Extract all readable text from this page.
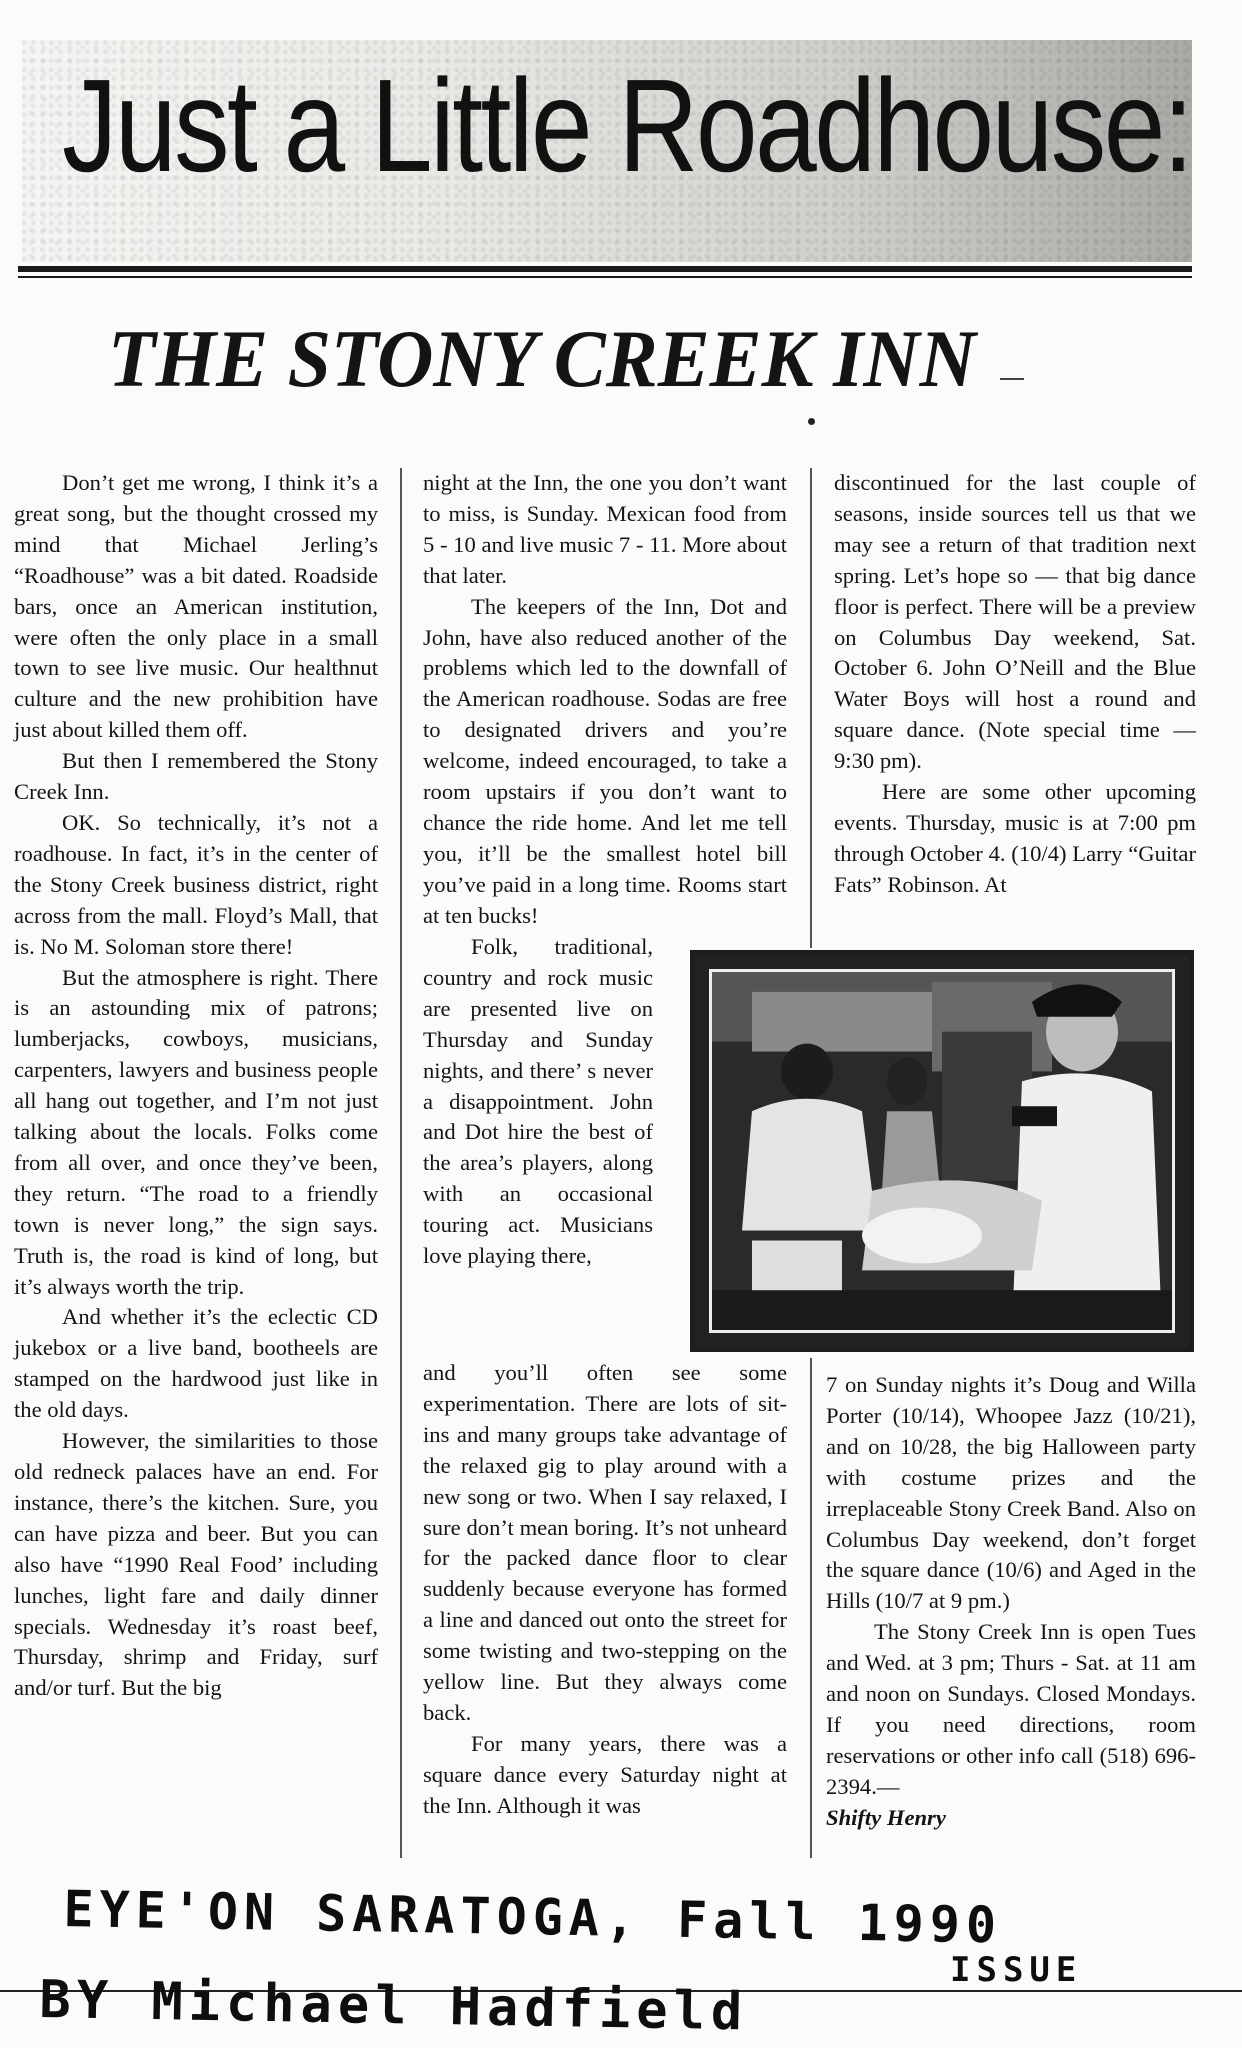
Just a Little Roadhouse:
THE STONY CREEK INN

Don’t get me wrong, I think it’s a great song, but the thought crossed my mind that Michael Jerling’s “Roadhouse” was a bit dated. Roadside bars, once an American institution, were often the only place in a small town to see live music. Our healthnut culture and the new prohibition have just about killed them off.

But then I remembered the Stony Creek Inn.

OK. So technically, it’s not a roadhouse. In fact, it’s in the center of the Stony Creek business district, right across from the mall. Floyd’s Mall, that is. No M. Soloman store there!

But the atmosphere is right. There is an astounding mix of patrons; lumberjacks, cowboys, musicians, carpenters, lawyers and business people all hang out together, and I’m not just talking about the locals. Folks come from all over, and once they’ve been, they return. “The road to a friendly town is never long,” the sign says. Truth is, the road is kind of long, but it’s always worth the trip.

And whether it’s the eclectic CD jukebox or a live band, bootheels are stamped on the hardwood just like in the old days.

However, the similarities to those old redneck palaces have an end. For instance, there’s the kitchen. Sure, you can have pizza and beer. But you can also have “1990 Real Food’ including lunches, light fare and daily dinner specials. Wednesday it’s roast beef, Thursday, shrimp and Friday, surf and/or turf. But the big

night at the Inn, the one you don’t want to miss, is Sunday. Mexican food from 5 - 10 and live music 7 - 11. More about that later.

The keepers of the Inn, Dot and John, have also reduced another of the problems which led to the downfall of the American roadhouse. Sodas are free to designated drivers and you’re welcome, indeed encouraged, to take a room upstairs if you don’t want to chance the ride home. And let me tell you, it’ll be the smallest hotel bill you’ve paid in a long time. Rooms start at ten bucks!

Folk, traditional, country and rock music are presented live on Thursday and Sunday nights, and there’ s never a disappointment. John and Dot hire the best of the area’s players, along with an occasional touring act. Musicians love playing there,

and you’ll often see some experimentation. There are lots of sit-ins and many groups take advantage of the relaxed gig to play around with a new song or two. When I say relaxed, I sure don’t mean boring. It’s not unheard for the packed dance floor to clear suddenly because everyone has formed a line and danced out onto the street for some twisting and two-stepping on the yellow line. But they always come back.

For many years, there was a square dance every Saturday night at the Inn. Although it was

discontinued for the last couple of seasons, inside sources tell us that we may see a return of that tradition next spring. Let’s hope so — that big dance floor is perfect. There will be a preview on Columbus Day weekend, Sat. October 6. John O’Neill and the Blue Water Boys will host a round and square dance. (Note special time — 9:30 pm).

Here are some other upcoming events. Thursday, music is at 7:00 pm through October 4. (10/4) Larry “Guitar Fats” Robinson. At

7 on Sunday nights it’s Doug and Willa Porter (10/14), Whoopee Jazz (10/21), and on 10/28, the big Halloween party with costume prizes and the irreplaceable Stony Creek Band. Also on Columbus Day weekend, don’t forget the square dance (10/6) and Aged in the Hills (10/7 at 9 pm.)

The Stony Creek Inn is open Tues and Wed. at 3 pm; Thurs - Sat. at 11 am and noon on Sundays. Closed Mondays. If you need directions, room reservations or other info call (518) 696-2394.—

Shifty Henry

EYE'ON SARATOGA, Fall 1990
ISSUE
BY Michael Hadfield
